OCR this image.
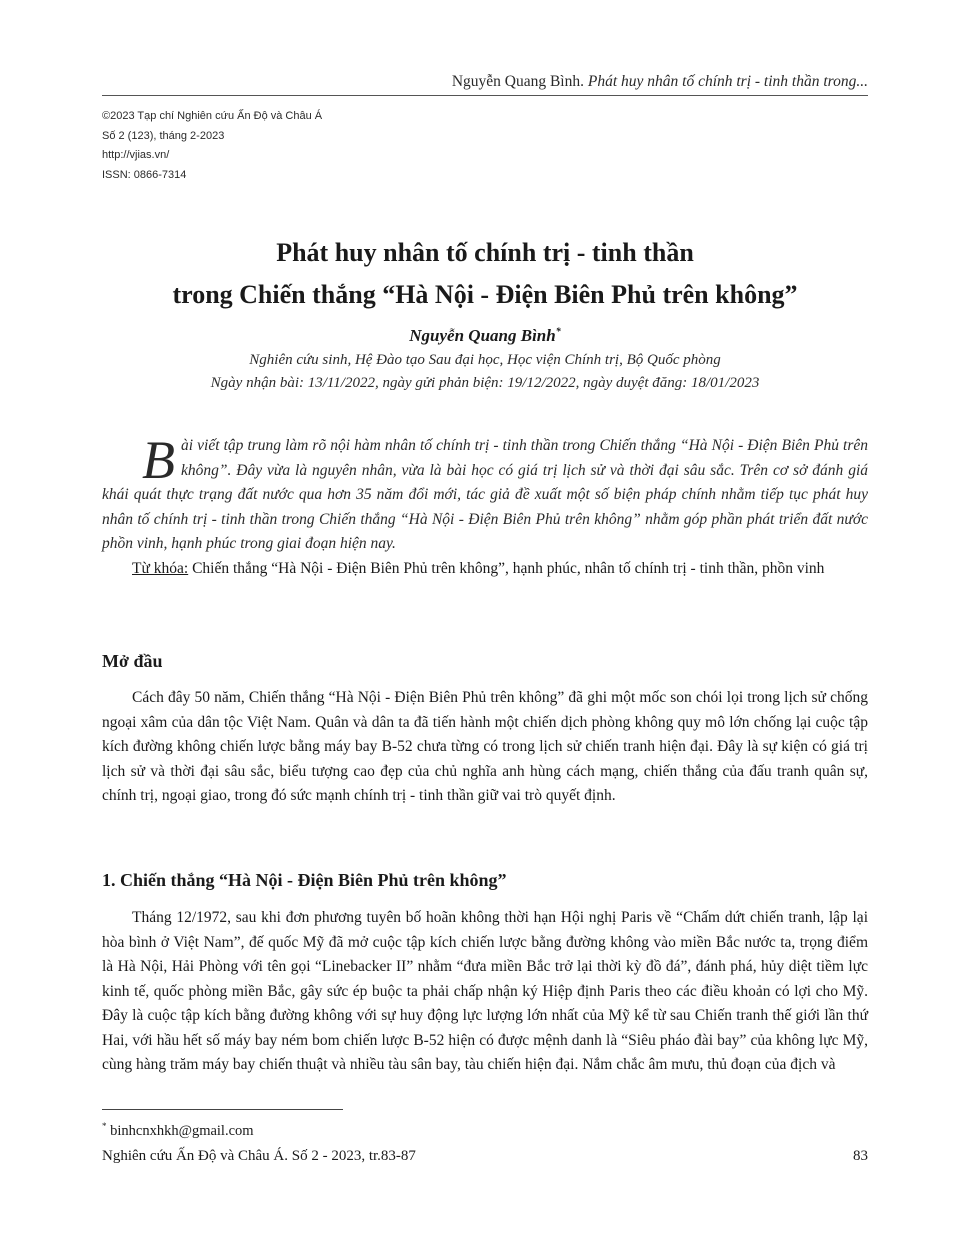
Nguyễn Quang Bình. Phát huy nhân tố chính trị - tinh thần trong...
©2023 Tạp chí Nghiên cứu Ấn Độ và Châu Á
Số 2 (123), tháng 2-2023
http://vjias.vn/
ISSN: 0866-7314
Phát huy nhân tố chính trị - tinh thần
trong Chiến thắng “Hà Nội - Điện Biên Phủ trên không”
Nguyễn Quang Bình*
Nghiên cứu sinh, Hệ Đào tạo Sau đại học, Học viện Chính trị, Bộ Quốc phòng
Ngày nhận bài: 13/11/2022, ngày gửi phản biện: 19/12/2022, ngày duyệt đăng: 18/01/2023
Bài viết tập trung làm rõ nội hàm nhân tố chính trị - tinh thần trong Chiến thắng “Hà Nội - Điện Biên Phủ trên không”. Đây vừa là nguyên nhân, vừa là bài học có giá trị lịch sử và thời đại sâu sắc. Trên cơ sở đánh giá khái quát thực trạng đất nước qua hơn 35 năm đổi mới, tác giả đề xuất một số biện pháp chính nhằm tiếp tục phát huy nhân tố chính trị - tinh thần trong Chiến thắng “Hà Nội - Điện Biên Phủ trên không” nhằm góp phần phát triển đất nước phồn vinh, hạnh phúc trong giai đoạn hiện nay.
Từ khóa: Chiến thắng “Hà Nội - Điện Biên Phủ trên không”, hạnh phúc, nhân tố chính trị - tinh thần, phồn vinh
Mở đầu
Cách đây 50 năm, Chiến thắng “Hà Nội - Điện Biên Phủ trên không” đã ghi một mốc son chói lọi trong lịch sử chống ngoại xâm của dân tộc Việt Nam. Quân và dân ta đã tiến hành một chiến dịch phòng không quy mô lớn chống lại cuộc tập kích đường không chiến lược bằng máy bay B-52 chưa từng có trong lịch sử chiến tranh hiện đại. Đây là sự kiện có giá trị lịch sử và thời đại sâu sắc, biểu tượng cao đẹp của chủ nghĩa anh hùng cách mạng, chiến thắng của đấu tranh quân sự, chính trị, ngoại giao, trong đó sức mạnh chính trị - tinh thần giữ vai trò quyết định.
1. Chiến thắng “Hà Nội - Điện Biên Phủ trên không”
Tháng 12/1972, sau khi đơn phương tuyên bố hoãn không thời hạn Hội nghị Paris về “Chấm dứt chiến tranh, lập lại hòa bình ở Việt Nam”, đế quốc Mỹ đã mở cuộc tập kích chiến lược bằng đường không vào miền Bắc nước ta, trọng điểm là Hà Nội, Hải Phòng với tên gọi “Linebacker II” nhằm “đưa miền Bắc trở lại thời kỳ đồ đá”, đánh phá, hủy diệt tiềm lực kinh tế, quốc phòng miền Bắc, gây sức ép buộc ta phải chấp nhận ký Hiệp định Paris theo các điều khoản có lợi cho Mỹ. Đây là cuộc tập kích bằng đường không với sự huy động lực lượng lớn nhất của Mỹ kể từ sau Chiến tranh thế giới lần thứ Hai, với hầu hết số máy bay ném bom chiến lược B-52 hiện có được mệnh danh là “Siêu pháo đài bay” của không lực Mỹ, cùng hàng trăm máy bay chiến thuật và nhiều tàu sân bay, tàu chiến hiện đại. Nắm chắc âm mưu, thủ đoạn của địch và
* binhcnxhkh@gmail.com
Nghiên cứu Ấn Độ và Châu Á. Số 2 - 2023, tr.83-87	83
